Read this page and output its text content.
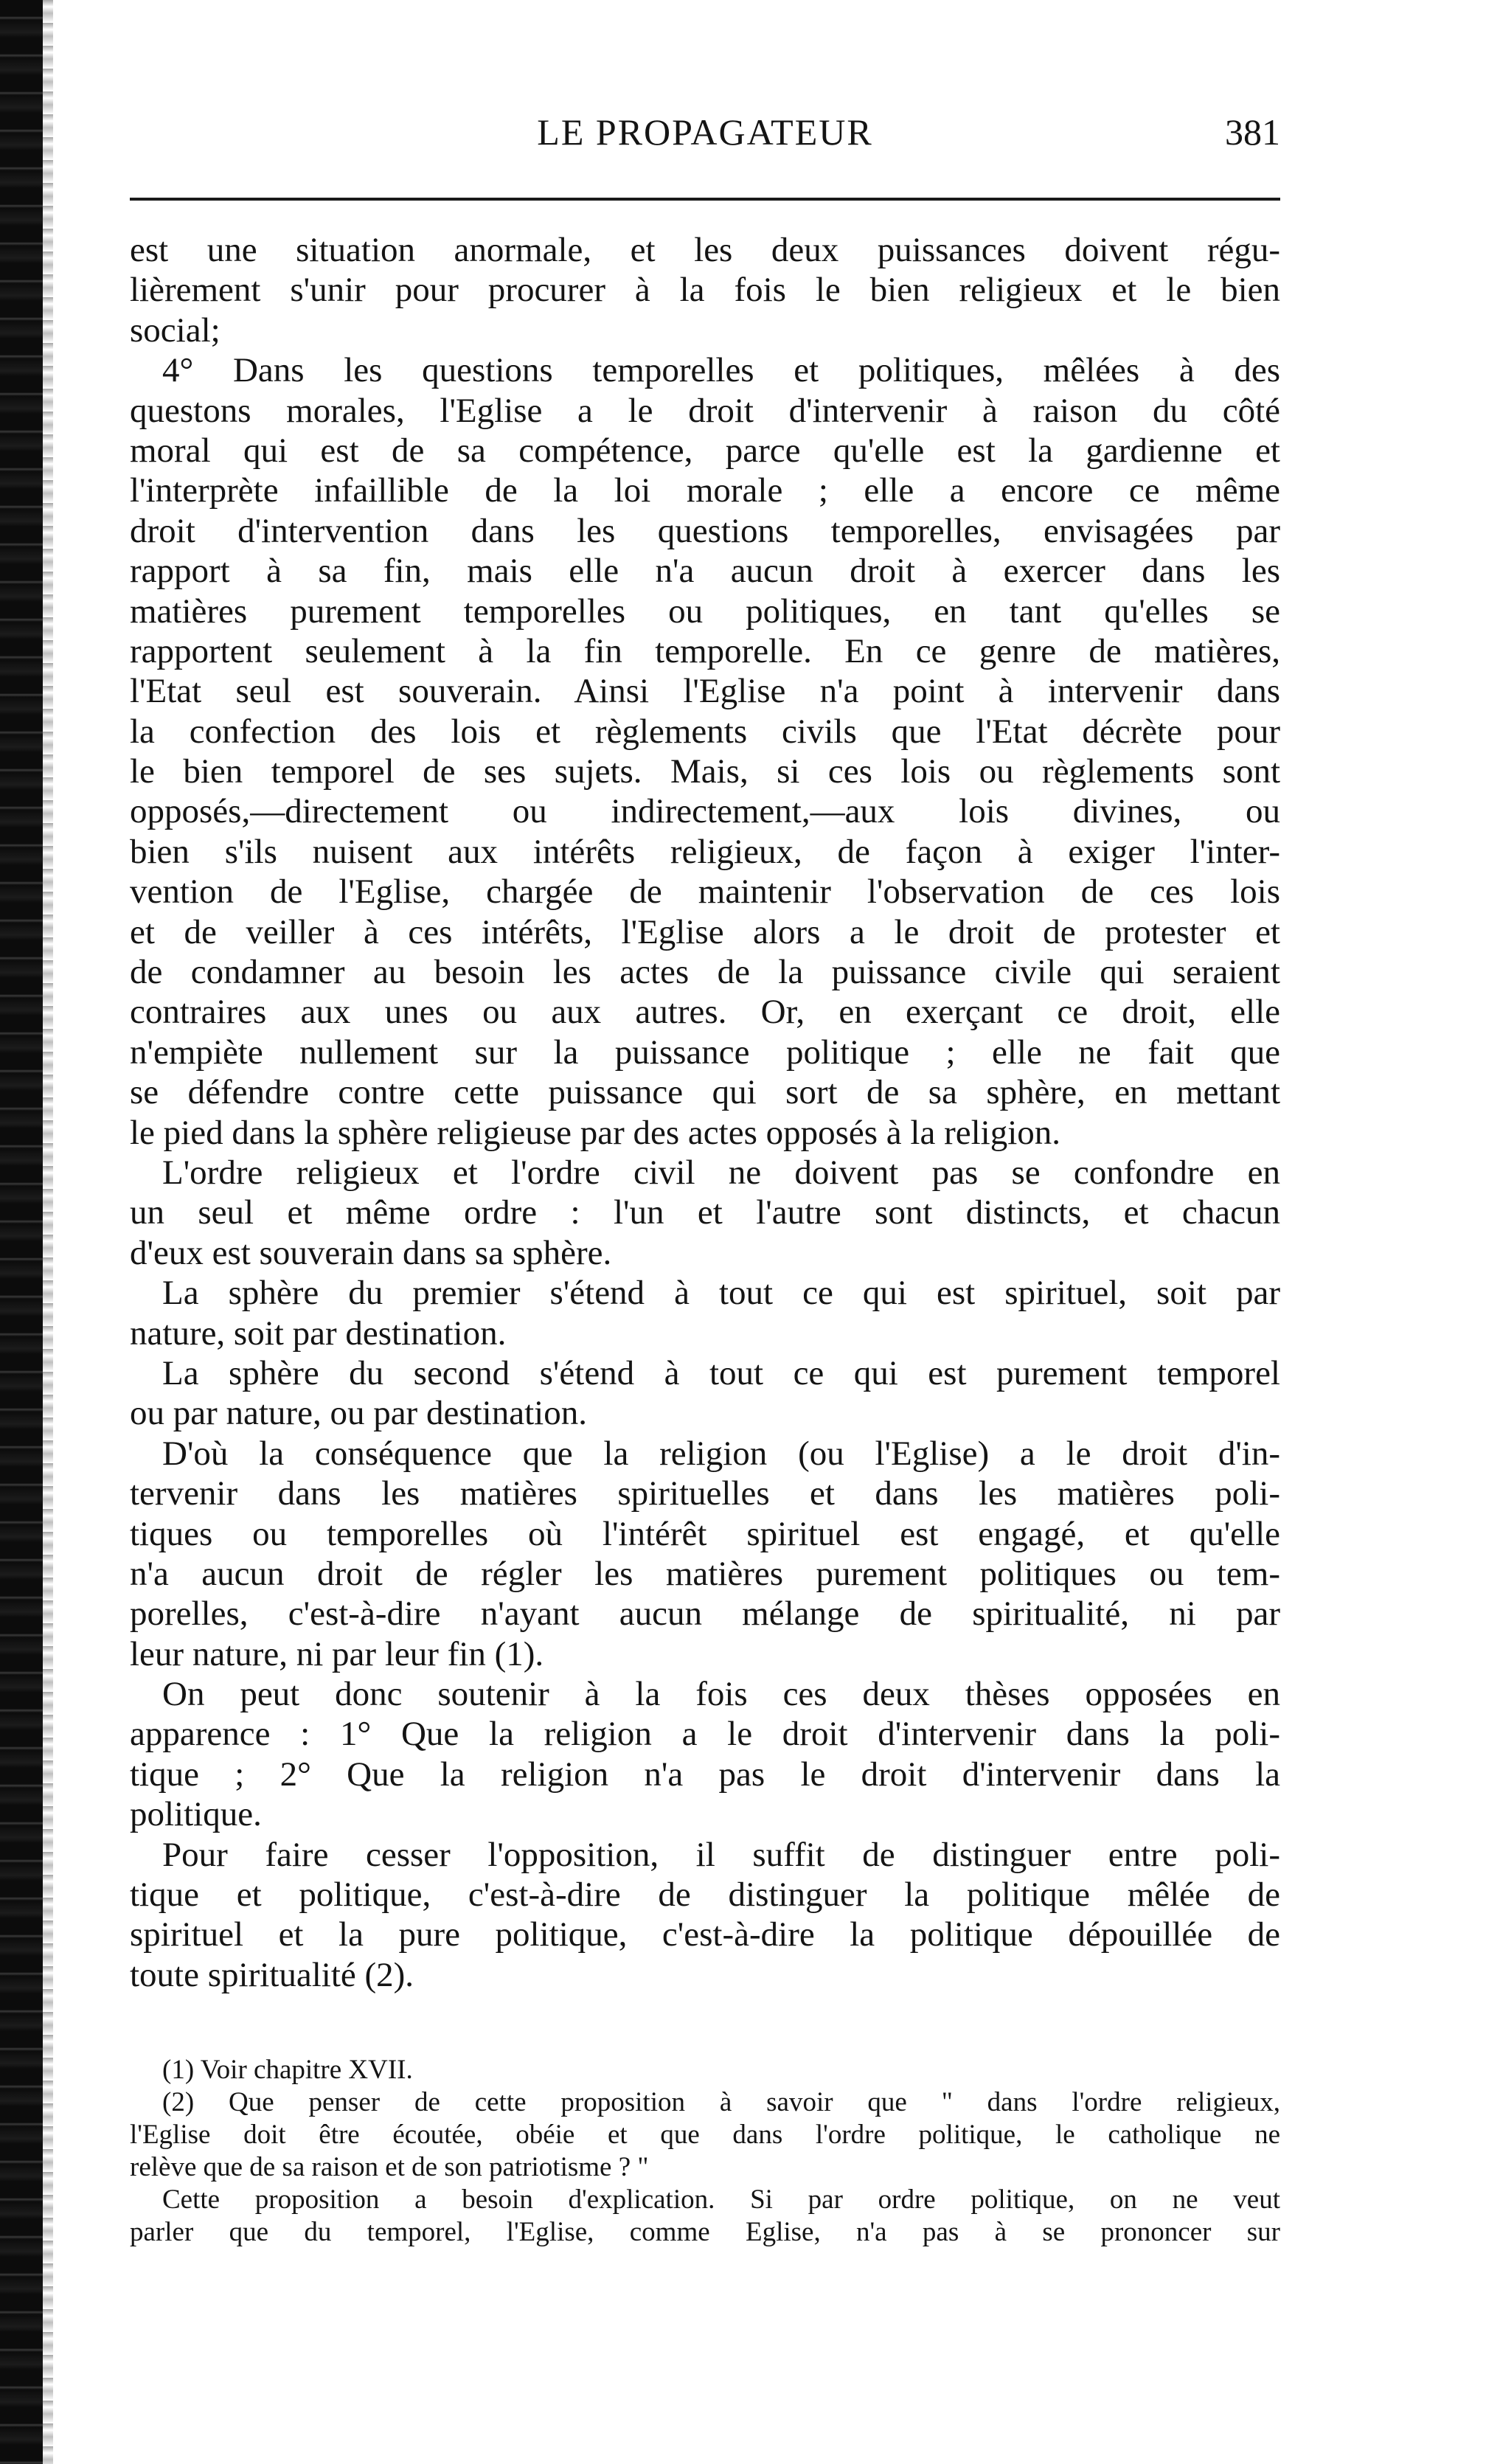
LE PROPAGATEUR	381
est une situation anormale, et les deux puissances doivent régu-
lièrement s'unir pour procurer à la fois le bien religieux et le bien
social;
4° Dans les questions temporelles et politiques, mêlées à des
questons morales, l'Eglise a le droit d'intervenir à raison du côté
moral qui est de sa compétence, parce qu'elle est la gardienne et
l'interprète infaillible de la loi morale ; elle a encore ce même
droit d'intervention dans les questions temporelles, envisagées par
rapport à sa fin, mais elle n'a aucun droit à exercer dans les
matières purement temporelles ou politiques, en tant qu'elles se
rapportent seulement à la fin temporelle. En ce genre de matières,
l'Etat seul est souverain. Ainsi l'Eglise n'a point à intervenir dans
la confection des lois et règlements civils que l'Etat décrète pour
le bien temporel de ses sujets. Mais, si ces lois ou règlements sont
opposés,—directement ou indirectement,—aux lois divines, ou
bien s'ils nuisent aux intérêts religieux, de façon à exiger l'inter-
vention de l'Eglise, chargée de maintenir l'observation de ces lois
et de veiller à ces intérêts, l'Eglise alors a le droit de protester et
de condamner au besoin les actes de la puissance civile qui seraient
contraires aux unes ou aux autres. Or, en exerçant ce droit, elle
n'empiète nullement sur la puissance politique ; elle ne fait que
se défendre contre cette puissance qui sort de sa sphère, en mettant
le pied dans la sphère religieuse par des actes opposés à la religion.
L'ordre religieux et l'ordre civil ne doivent pas se confondre en
un seul et même ordre : l'un et l'autre sont distincts, et chacun
d'eux est souverain dans sa sphère.
La sphère du premier s'étend à tout ce qui est spirituel, soit par
nature, soit par destination.
La sphère du second s'étend à tout ce qui est purement temporel
ou par nature, ou par destination.
D'où la conséquence que la religion (ou l'Eglise) a le droit d'in-
tervenir dans les matières spirituelles et dans les matières poli-
tiques ou temporelles où l'intérêt spirituel est engagé, et qu'elle
n'a aucun droit de régler les matières purement politiques ou tem-
porelles, c'est-à-dire n'ayant aucun mélange de spiritualité, ni par
leur nature, ni par leur fin (1).
On peut donc soutenir à la fois ces deux thèses opposées en
apparence : 1° Que la religion a le droit d'intervenir dans la poli-
tique ; 2° Que la religion n'a pas le droit d'intervenir dans la
politique.
Pour faire cesser l'opposition, il suffit de distinguer entre poli-
tique et politique, c'est-à-dire de distinguer la politique mêlée de
spirituel et la pure politique, c'est-à-dire la politique dépouillée de
toute spiritualité (2).
(1) Voir chapitre XVII.
(2) Que penser de cette proposition à savoir que " dans l'ordre religieux,
l'Eglise doit être écoutée, obéie et que dans l'ordre politique, le catholique ne
relève que de sa raison et de son patriotisme ? "
Cette proposition a besoin d'explication. Si par ordre politique, on ne veut
parler que du temporel, l'Eglise, comme Eglise, n'a pas à se prononcer sur
